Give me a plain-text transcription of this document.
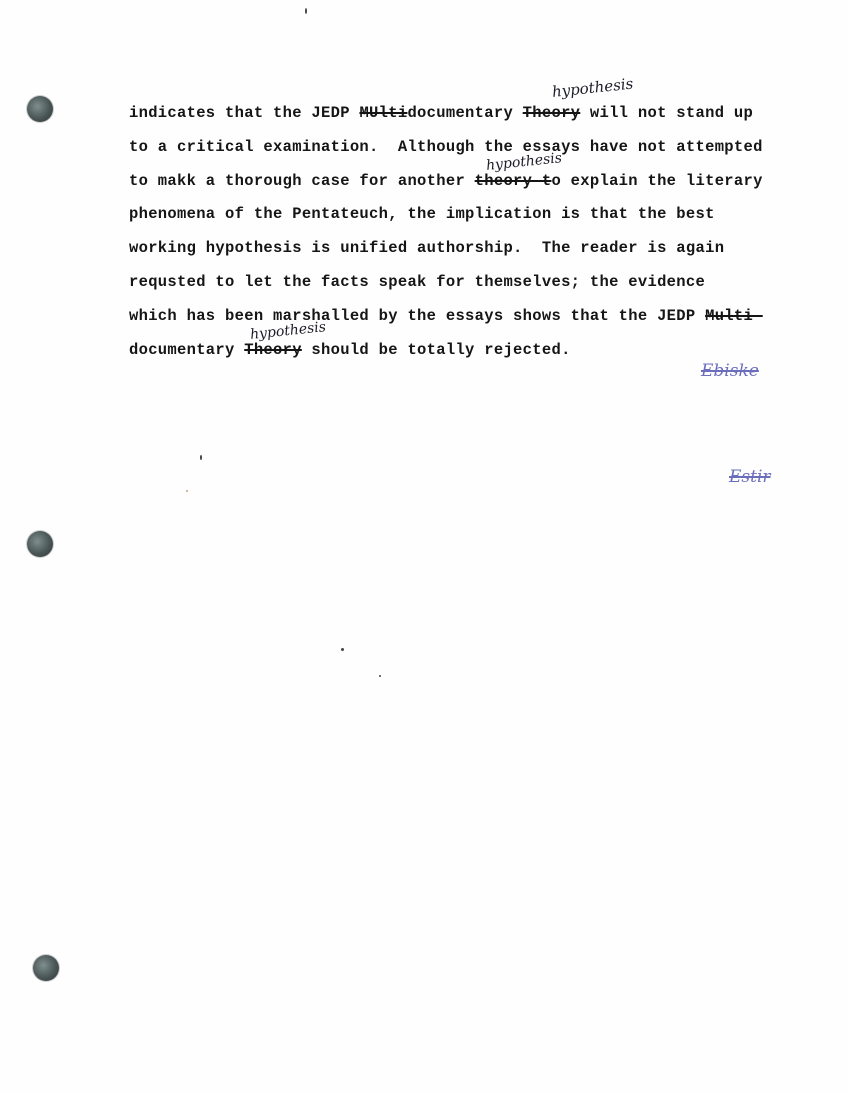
indicates that the JEDP MUltidocumentary Theory will not stand up
to a critical examination.  Although the essays have not attempted
to makk a thorough case for another theory to explain the literary
phenomena of the Pentateuch, the implication is that the best
working hypothesis is unified authorship.  The reader is again
requsted to let the facts speak for themselves; the evidence
which has been marshalled by the essays shows that the JEDP Multi-
documentary Theory should be totally rejected.
hypothesis
hypothesis
hypothesis
Ebiske
Estir
